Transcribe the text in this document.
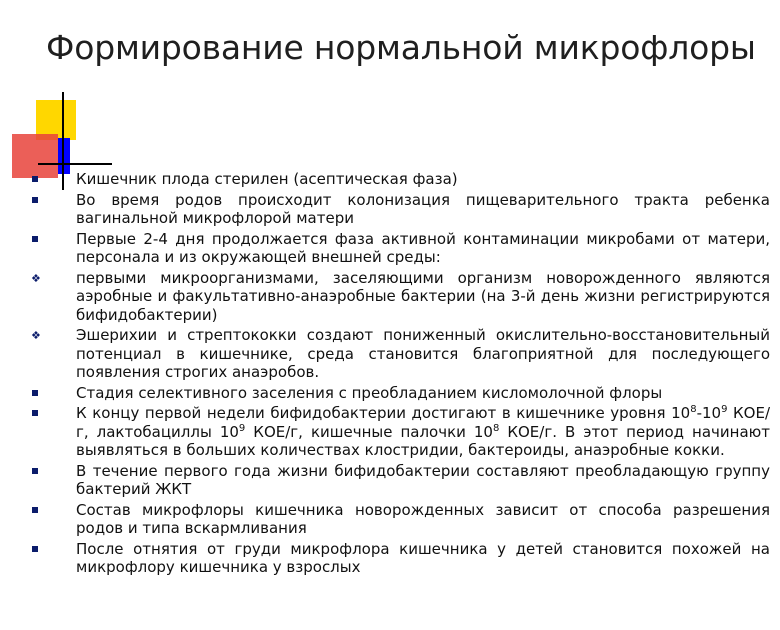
Формирование нормальной микрофлоры
Кишечник плода стерилен (асептическая фаза)
Во время родов происходит колонизация пищеварительного тракта ребенка вагинальной микрофлорой матери
Первые 2-4 дня продолжается фаза активной контаминации микробами от матери, персонала и из окружающей внешней среды:
❖ первыми микроорганизмами, заселяющими организм новорожденного являются аэробные и факультативно-анаэробные бактерии (на 3-й день жизни регистрируются бифидобактерии)
❖ Эшерихии и стрептококки создают пониженный окислительно-восстановительный потенциал в кишечнике, среда становится благоприятной для последующего появления строгих анаэробов.
Стадия селективного заселения с преобладанием кисломолочной флоры
К концу первой недели бифидобактерии достигают в кишечнике уровня $10^8-10^9$ КОЕ/г, лактобациллы $10^9$ КОЕ/г, кишечные палочки $10^8$ КОЕ/г. В этот период начинают выявляться в больших количествах клостридии, бактероиды, анаэробные кокки.
В течение первого года жизни бифидобактерии составляют преобладающую группу бактерий ЖКТ
Состав микрофлоры кишечника новорожденных зависит от способа разрешения родов и типа вскармливания
После отнятия от груди микрофлора кишечника у детей становится похожей на микрофлору кишечника у взрослых
